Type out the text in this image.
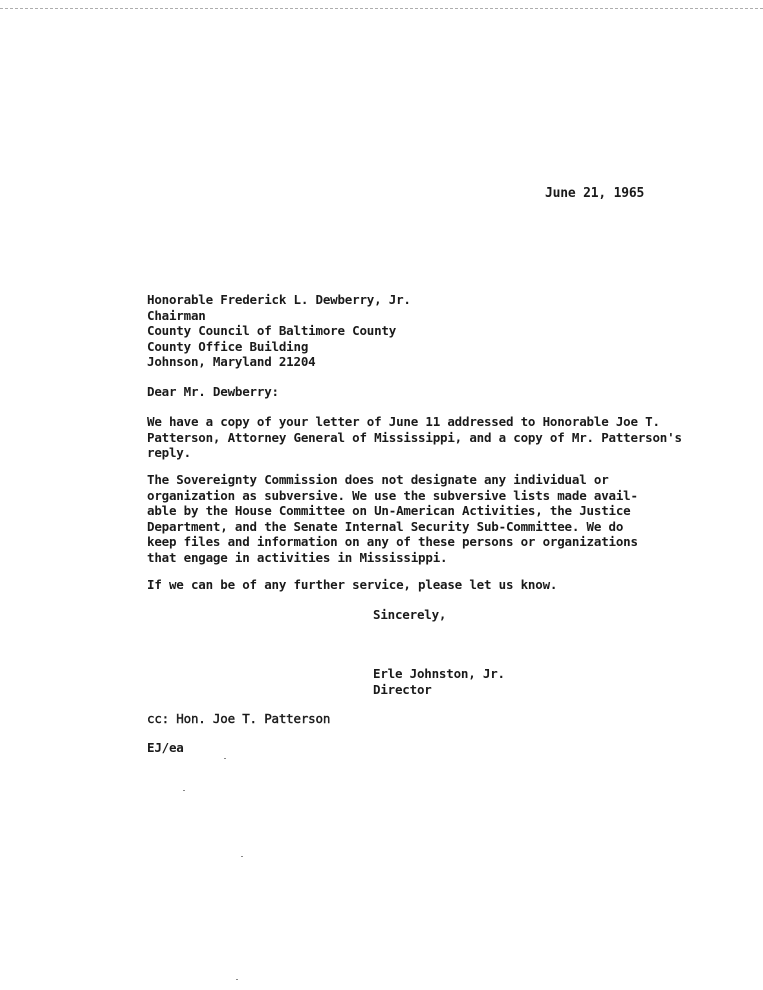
June 21, 1965
Honorable Frederick L. Dewberry, Jr.
Chairman
County Council of Baltimore County
County Office Building
Johnson, Maryland 21204
Dear Mr. Dewberry:
We have a copy of your letter of June 11 addressed to Honorable Joe T.
Patterson, Attorney General of Mississippi, and a copy of Mr. Patterson's
reply.
The Sovereignty Commission does not designate any individual or
organization as subversive. We use the subversive lists made avail-
able by the House Committee on Un-American Activities, the Justice
Department, and the Senate Internal Security Sub-Committee. We do
keep files and information on any of these persons or organizations
that engage in activities in Mississippi.
If we can be of any further service, please let us know.
Sincerely,
Erle Johnston, Jr.
Director
cc: Hon. Joe T. Patterson
EJ/ea
